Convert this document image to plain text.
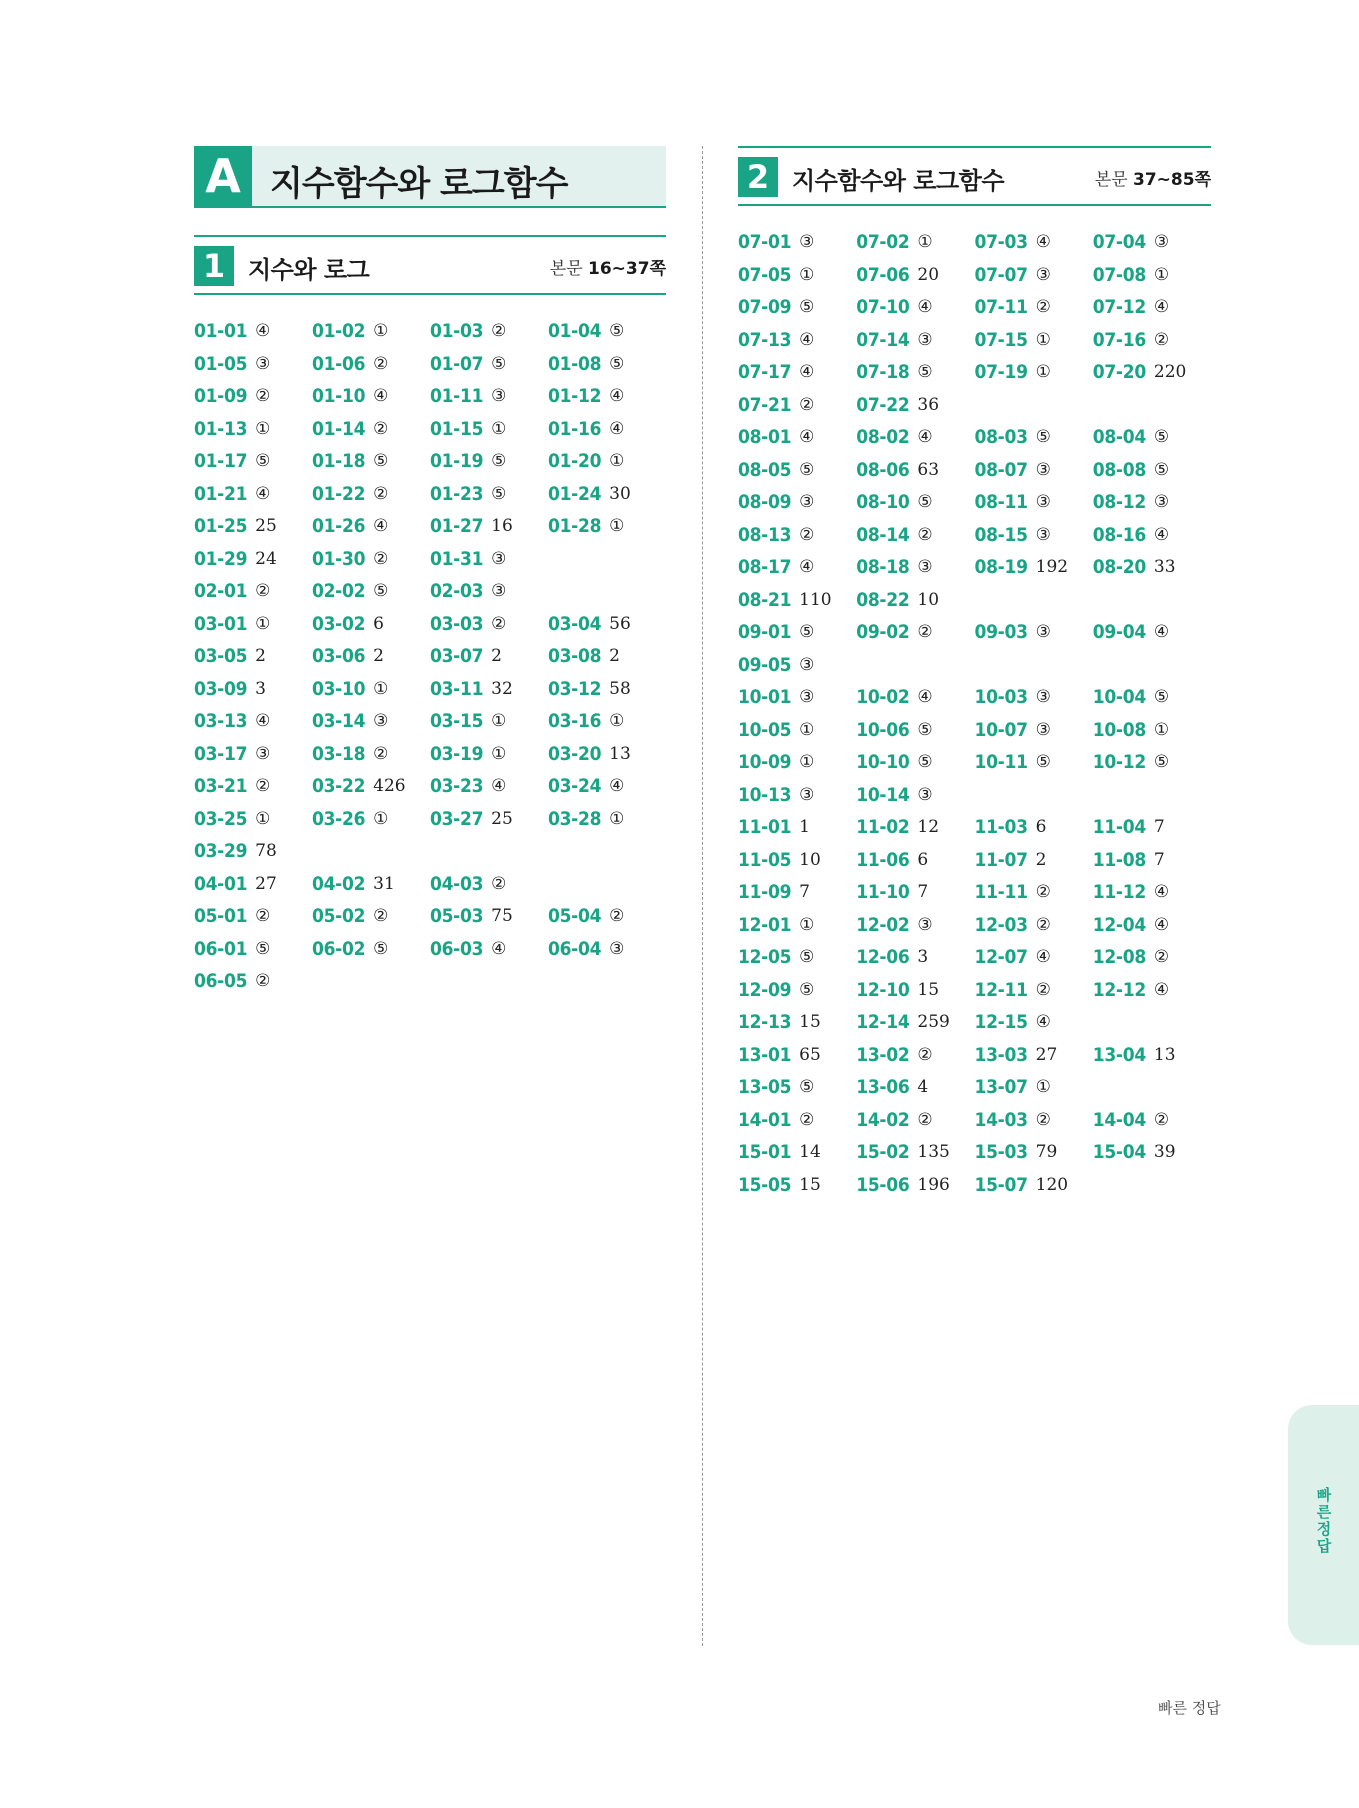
A 지수함수와 로그함수
1 지수와 로그	본문 16~37쪽
01-01 ④ 01-02 ① 01-03 ② 01-04 ⑤
01-05 ③ 01-06 ② 01-07 ⑤ 01-08 ⑤
01-09 ② 01-10 ④ 01-11 ③ 01-12 ④
01-13 ① 01-14 ② 01-15 ① 01-16 ④
01-17 ⑤ 01-18 ⑤ 01-19 ⑤ 01-20 ①
01-21 ④ 01-22 ② 01-23 ⑤ 01-24 30
01-25 25 01-26 ④ 01-27 16 01-28 ①
01-29 24 01-30 ② 01-31 ③
02-01 ② 02-02 ⑤ 02-03 ③
03-01 ① 03-02 6 03-03 ② 03-04 56
03-05 2 03-06 2 03-07 2 03-08 2
03-09 3 03-10 ① 03-11 32 03-12 58
03-13 ④ 03-14 ③ 03-15 ① 03-16 ①
03-17 ③ 03-18 ② 03-19 ① 03-20 13
03-21 ② 03-22 426 03-23 ④ 03-24 ④
03-25 ① 03-26 ① 03-27 25 03-28 ①
03-29 78
04-01 27 04-02 31 04-03 ②
05-01 ② 05-02 ② 05-03 75 05-04 ②
06-01 ⑤ 06-02 ⑤ 06-03 ④ 06-04 ③
06-05 ②
2 지수함수와 로그함수	본문 37~85쪽
07-01 ③ 07-02 ① 07-03 ④ 07-04 ③
07-05 ① 07-06 20 07-07 ③ 07-08 ①
07-09 ⑤ 07-10 ④ 07-11 ② 07-12 ④
07-13 ④ 07-14 ③ 07-15 ① 07-16 ②
07-17 ④ 07-18 ⑤ 07-19 ① 07-20 220
07-21 ② 07-22 36
08-01 ④ 08-02 ④ 08-03 ⑤ 08-04 ⑤
08-05 ⑤ 08-06 63 08-07 ③ 08-08 ⑤
08-09 ③ 08-10 ⑤ 08-11 ③ 08-12 ③
08-13 ② 08-14 ② 08-15 ③ 08-16 ④
08-17 ④ 08-18 ③ 08-19 192 08-20 33
08-21 110 08-22 10
09-01 ⑤ 09-02 ② 09-03 ③ 09-04 ④
09-05 ③
10-01 ③ 10-02 ④ 10-03 ③ 10-04 ⑤
10-05 ① 10-06 ⑤ 10-07 ③ 10-08 ①
10-09 ① 10-10 ⑤ 10-11 ⑤ 10-12 ⑤
10-13 ③ 10-14 ③
11-01 1 11-02 12 11-03 6 11-04 7
11-05 10 11-06 6 11-07 2 11-08 7
11-09 7 11-10 7 11-11 ② 11-12 ④
12-01 ① 12-02 ③ 12-03 ② 12-04 ④
12-05 ⑤ 12-06 3 12-07 ④ 12-08 ②
12-09 ⑤ 12-10 15 12-11 ② 12-12 ④
12-13 15 12-14 259 12-15 ④
13-01 65 13-02 ② 13-03 27 13-04 13
13-05 ⑤ 13-06 4 13-07 ①
14-01 ② 14-02 ② 14-03 ② 14-04 ②
15-01 14 15-02 135 15-03 79 15-04 39
15-05 15 15-06 196 15-07 120
빠른 정답
빠른 정답
